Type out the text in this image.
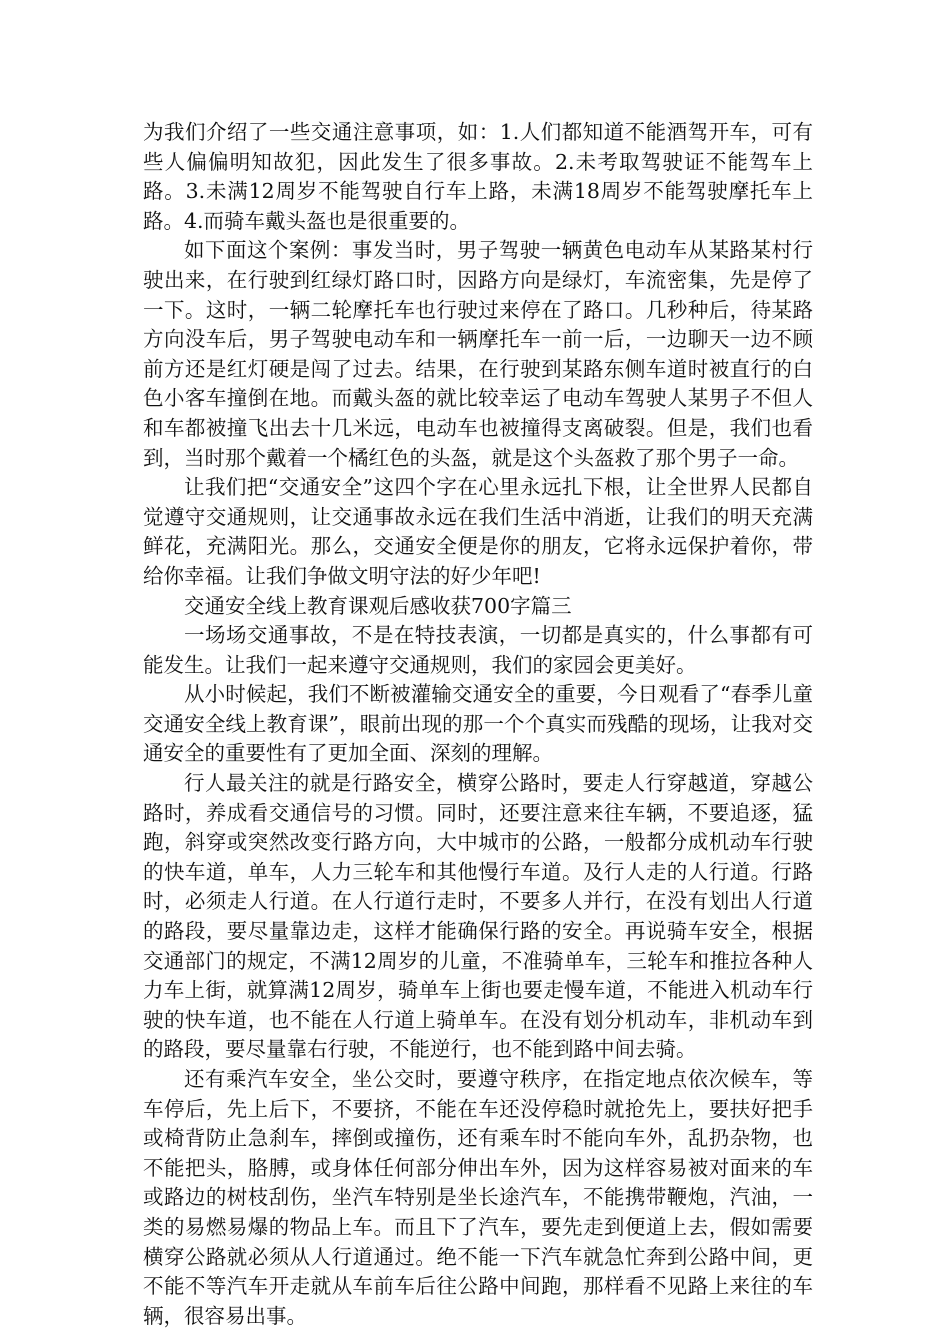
为我们介绍了一些交通注意事项，如：1.人们都知道不能酒驾开车，可有些人偏偏明知故犯，因此发生了很多事故。2.未考取驾驶证不能驾车上路。3.未满12周岁不能驾驶自行车上路，未满18周岁不能驾驶摩托车上路。4.而骑车戴头盔也是很重要的。

如下面这个案例：事发当时，男子驾驶一辆黄色电动车从某路某村行驶出来，在行驶到红绿灯路口时，因路方向是绿灯，车流密集，先是停了一下。这时，一辆二轮摩托车也行驶过来停在了路口。几秒种后，待某路方向没车后，男子驾驶电动车和一辆摩托车一前一后，一边聊天一边不顾前方还是红灯硬是闯了过去。结果，在行驶到某路东侧车道时被直行的白色小客车撞倒在地。而戴头盔的就比较幸运了电动车驾驶人某男子不但人和车都被撞飞出去十几米远，电动车也被撞得支离破裂。但是，我们也看到，当时那个戴着一个橘红色的头盔，就是这个头盔救了那个男子一命。

让我们把“交通安全”这四个字在心里永远扎下根，让全世界人民都自觉遵守交通规则，让交通事故永远在我们生活中消逝，让我们的明天充满鲜花，充满阳光。那么，交通安全便是你的朋友，它将永远保护着你，带给你幸福。让我们争做文明守法的好少年吧!

交通安全线上教育课观后感收获700字篇三

一场场交通事故，不是在特技表演，一切都是真实的，什么事都有可能发生。让我们一起来遵守交通规则，我们的家园会更美好。

从小时候起，我们不断被灌输交通安全的重要，今日观看了“春季儿童交通安全线上教育课”，眼前出现的那一个个真实而残酷的现场，让我对交通安全的重要性有了更加全面、深刻的理解。

行人最关注的就是行路安全，横穿公路时，要走人行穿越道，穿越公路时，养成看交通信号的习惯。同时，还要注意来往车辆，不要追逐，猛跑，斜穿或突然改变行路方向，大中城市的公路，一般都分成机动车行驶的快车道，单车，人力三轮车和其他慢行车道。及行人走的人行道。行路时，必须走人行道。在人行道行走时，不要多人并行，在没有划出人行道的路段，要尽量靠边走，这样才能确保行路的安全。再说骑车安全，根据交通部门的规定，不满12周岁的儿童，不准骑单车，三轮车和推拉各种人力车上街，就算满12周岁，骑单车上街也要走慢车道，不能进入机动车行驶的快车道，也不能在人行道上骑单车。在没有划分机动车，非机动车到的路段，要尽量靠右行驶，不能逆行，也不能到路中间去骑。

还有乘汽车安全，坐公交时，要遵守秩序，在指定地点依次候车，等车停后，先上后下，不要挤，不能在车还没停稳时就抢先上，要扶好把手或椅背防止急刹车，摔倒或撞伤，还有乘车时不能向车外，乱扔杂物，也不能把头，胳膊，或身体任何部分伸出车外，因为这样容易被对面来的车或路边的树枝刮伤，坐汽车特别是坐长途汽车，不能携带鞭炮，汽油，一类的易燃易爆的物品上车。而且下了汽车，要先走到便道上去，假如需要横穿公路就必须从人行道通过。绝不能一下汽车就急忙奔到公路中间，更不能不等汽车开走就从车前车后往公路中间跑，那样看不见路上来往的车辆，很容易出事。
